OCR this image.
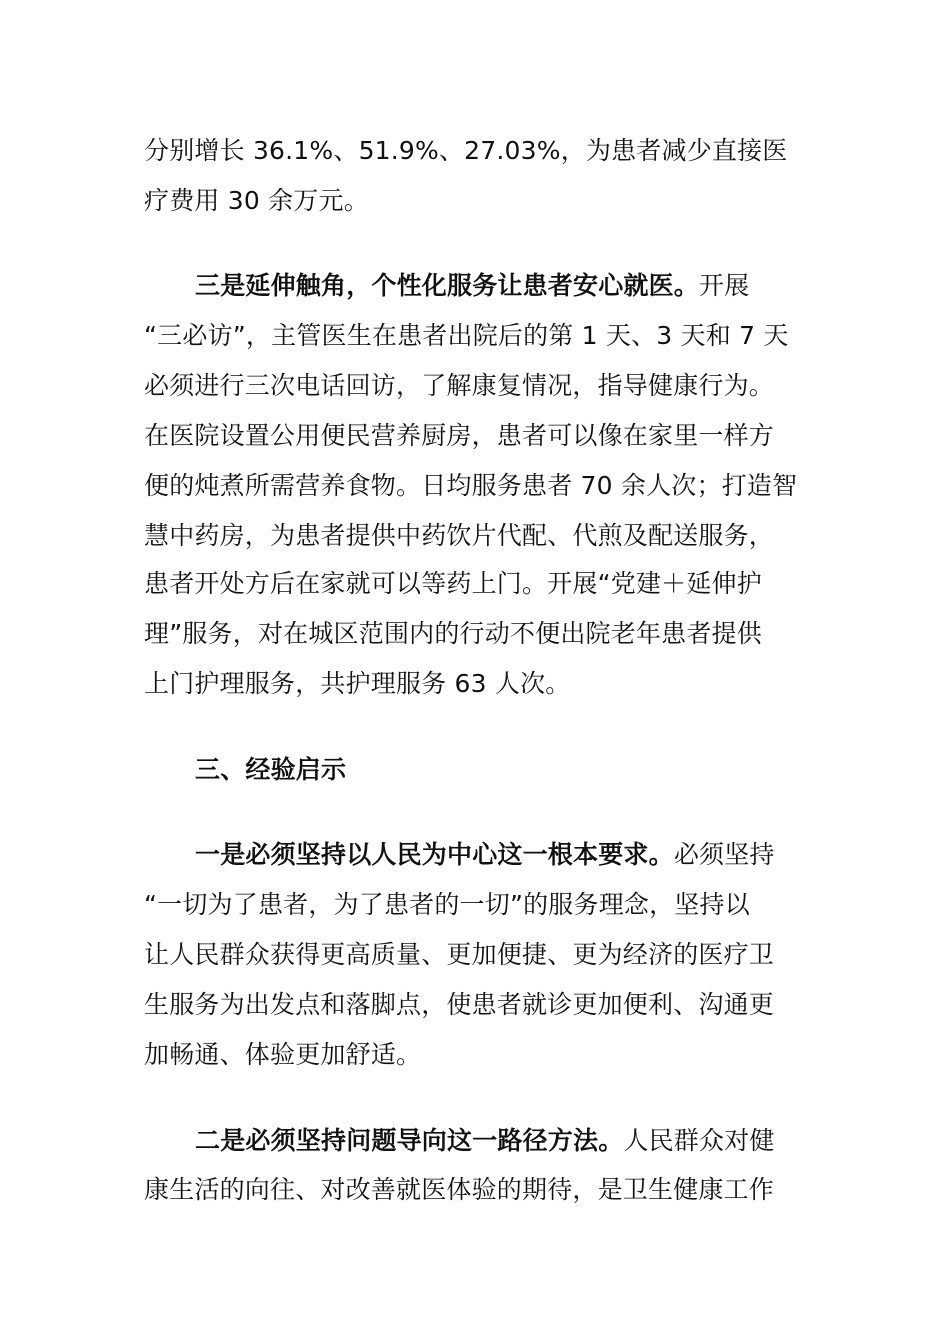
分别增长 36.1%、51.9%、27.03%，为患者减少直接医
疗费用 30 余万元。
三是延伸触角，个性化服务让患者安心就医。开展
“三必访”，主管医生在患者出院后的第 1 天、3 天和 7 天
必须进行三次电话回访，了解康复情况，指导健康行为。
在医院设置公用便民营养厨房，患者可以像在家里一样方
便的炖煮所需营养食物。日均服务患者 70 余人次；打造智
慧中药房，为患者提供中药饮片代配、代煎及配送服务，
患者开处方后在家就可以等药上门。开展“党建＋延伸护
理”服务，对在城区范围内的行动不便出院老年患者提供
上门护理服务，共护理服务 63 人次。
三、经验启示
一是必须坚持以人民为中心这一根本要求。必须坚持
“一切为了患者，为了患者的一切”的服务理念，坚持以
让人民群众获得更高质量、更加便捷、更为经济的医疗卫
生服务为出发点和落脚点，使患者就诊更加便利、沟通更
加畅通、体验更加舒适。
二是必须坚持问题导向这一路径方法。人民群众对健
康生活的向往、对改善就医体验的期待，是卫生健康工作
